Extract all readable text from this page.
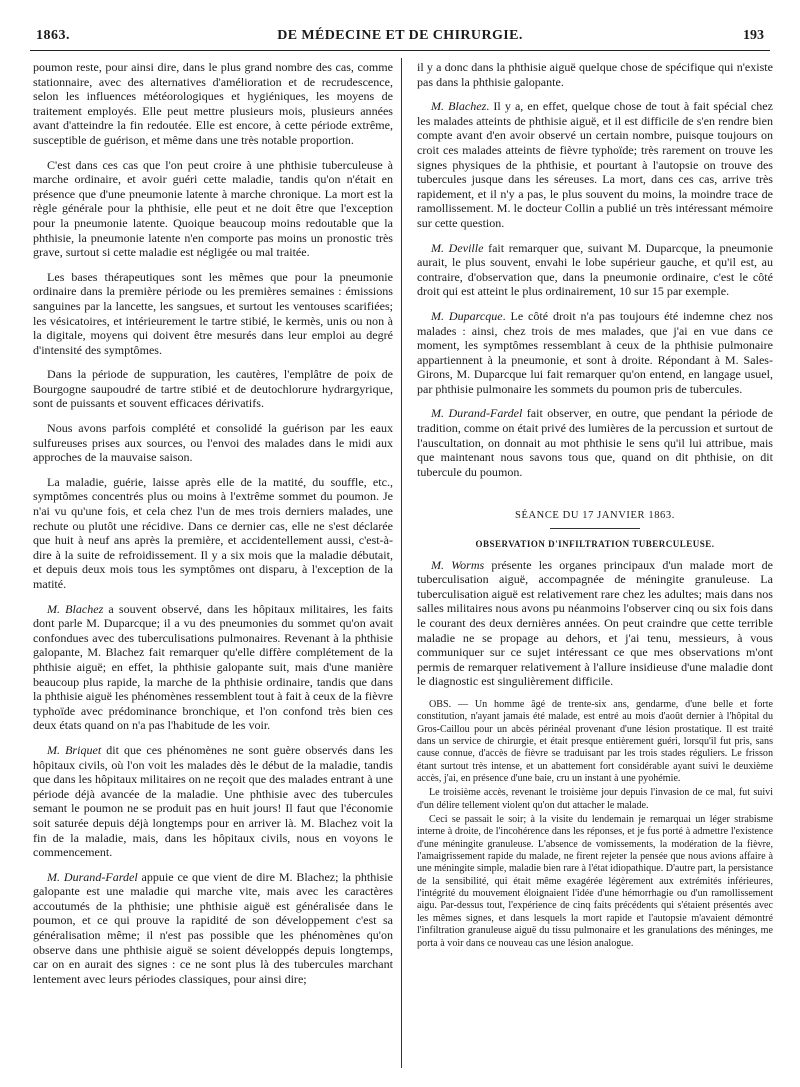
1863.	DE MÉDECINE ET DE CHIRURGIE.	193

poumon reste, pour ainsi dire, dans le plus grand nombre des cas, comme stationnaire, avec des alternatives d'amélioration et de recrudescence, selon les influences météorologiques et hygiéniques, les moyens de traitement employés. Elle peut mettre plusieurs mois, plusieurs années avant d'atteindre la fin redoutée. Elle est encore, à cette période extrême, susceptible de guérison, et même dans une très notable proportion.

C'est dans ces cas que l'on peut croire à une phthisie tuberculeuse à marche ordinaire, et avoir guéri cette maladie, tandis qu'on n'était en présence que d'une pneumonie latente à marche chronique. La mort est la règle générale pour la phthisie, elle peut et ne doit être que l'exception pour la pneumonie latente. Quoique beaucoup moins redoutable que la phthisie, la pneumonie latente n'en comporte pas moins un pronostic très grave, surtout si cette maladie est négligée ou mal traitée.

Les bases thérapeutiques sont les mêmes que pour la pneumonie ordinaire dans la première période ou les premières semaines : émissions sanguines par la lancette, les sangsues, et surtout les ventouses scarifiées; les vésicatoires, et intérieurement le tartre stibié, le kermès, unis ou non à la digitale, moyens qui doivent être mesurés dans leur emploi au degré d'intensité des symptômes.

Dans la période de suppuration, les cautères, l'emplâtre de poix de Bourgogne saupoudré de tartre stibié et de deutochlorure hydrargyrique, sont de puissants et souvent efficaces dérivatifs.

Nous avons parfois complété et consolidé la guérison par les eaux sulfureuses prises aux sources, ou l'envoi des malades dans le midi aux approches de la mauvaise saison.

La maladie, guérie, laisse après elle de la matité, du souffle, etc., symptômes concentrés plus ou moins à l'extrême sommet du poumon. Je n'ai vu qu'une fois, et cela chez l'un de mes trois derniers malades, une rechute ou plutôt une récidive. Dans ce dernier cas, elle ne s'est déclarée que huit à neuf ans après la première, et accidentellement aussi, c'est-à-dire à la suite de refroidissement. Il y a six mois que la maladie débutait, et depuis deux mois tous les symptômes ont disparu, à l'exception de la matité.

M. Blachez a souvent observé, dans les hôpitaux militaires, les faits dont parle M. Duparcque; il a vu des pneumonies du sommet qu'on avait confondues avec des tuberculisations pulmonaires. Revenant à la phthisie galopante, M. Blachez fait remarquer qu'elle diffère complétement de la phthisie aiguë; en effet, la phthisie galopante suit, mais d'une manière beaucoup plus rapide, la marche de la phthisie ordinaire, tandis que dans la phthisie aiguë les phénomènes ressemblent tout à fait à ceux de la fièvre typhoïde avec prédominance bronchique, et l'on confond très bien ces deux états quand on n'a pas l'habitude de les voir.

M. Briquet dit que ces phénomènes ne sont guère observés dans les hôpitaux civils, où l'on voit les malades dès le début de la maladie, tandis que dans les hôpitaux militaires on ne reçoit que des malades entrant à une période déjà avancée de la maladie. Une phthisie avec des tubercules semant le poumon ne se produit pas en huit jours! Il faut que l'économie soit saturée depuis déjà longtemps pour en arriver là. M. Blachez voit la fin de la maladie, mais, dans les hôpitaux civils, nous en voyons le commencement.

M. Durand-Fardel appuie ce que vient de dire M. Blachez; la phthisie galopante est une maladie qui marche vite, mais avec les caractères accoutumés de la phthisie; une phthisie aiguë est généralisée dans le poumon, et ce qui prouve la rapidité de son développement c'est sa généralisation même; il n'est pas possible que les phénomènes qu'on observe dans une phthisie aiguë se soient développés depuis longtemps, car on en aurait des signes : ce ne sont plus là des tubercules marchant lentement avec leurs périodes classiques, pour ainsi dire;

il y a donc dans la phthisie aiguë quelque chose de spécifique qui n'existe pas dans la phthisie galopante.

M. Blachez. Il y a, en effet, quelque chose de tout à fait spécial chez les malades atteints de phthisie aiguë, et il est difficile de s'en rendre bien compte avant d'en avoir observé un certain nombre, puisque toujours on croit ces malades atteints de fièvre typhoïde; très rarement on trouve les signes physiques de la phthisie, et pourtant à l'autopsie on trouve des tubercules jusque dans les séreuses. La mort, dans ces cas, arrive très rapidement, et il n'y a pas, le plus souvent du moins, la moindre trace de ramollissement. M. le docteur Collin a publié un très intéressant mémoire sur cette question.

M. Deville fait remarquer que, suivant M. Duparcque, la pneumonie aurait, le plus souvent, envahi le lobe supérieur gauche, et qu'il est, au contraire, d'observation que, dans la pneumonie ordinaire, c'est le côté droit qui est atteint le plus ordinairement, 10 sur 15 par exemple.

M. Duparcque. Le côté droit n'a pas toujours été indemne chez nos malades : ainsi, chez trois de mes malades, que j'ai en vue dans ce moment, les symptômes ressemblant à ceux de la phthisie pulmonaire appartiennent à la pneumonie, et sont à droite. Répondant à M. Sales-Girons, M. Duparcque lui fait remarquer qu'on entend, en langage usuel, par phthisie pulmonaire les sommets du poumon pris de tubercules.

M. Durand-Fardel fait observer, en outre, que pendant la période de tradition, comme on était privé des lumières de la percussion et surtout de l'auscultation, on donnait au mot phthisie le sens qu'il lui attribue, mais que maintenant nous savons tous que, quand on dit phthisie, on dit tubercule du poumon.

SÉANCE DU 17 JANVIER 1863.
OBSERVATION D'INFILTRATION TUBERCULEUSE.

M. Worms présente les organes principaux d'un malade mort de tuberculisation aiguë, accompagnée de méningite granuleuse. La tuberculisation aiguë est relativement rare chez les adultes; mais dans nos salles militaires nous avons pu néanmoins l'observer cinq ou six fois dans le courant des deux dernières années. On peut craindre que cette terrible maladie ne se propage au dehors, et j'ai tenu, messieurs, à vous communiquer sur ce sujet intéressant ce que mes observations m'ont permis de remarquer relativement à l'allure insidieuse d'une maladie dont le diagnostic est singulièrement difficile.

OBS. — Un homme âgé de trente-six ans, gendarme, d'une belle et forte constitution, n'ayant jamais été malade, est entré au mois d'août dernier à l'hôpital du Gros-Caillou pour un abcès périnéal provenant d'une lésion prostatique. Il est traité dans un service de chirurgie, et était presque entièrement guéri, lorsqu'il fut pris, sans cause connue, d'accès de fièvre se traduisant par les trois stades réguliers. Le frisson étant surtout très intense, et un abattement fort considérable ayant suivi le deuxième accès, j'ai, en présence d'une baie, cru un instant à une pyohémie.

Le troisième accès, revenant le troisième jour depuis l'invasion de ce mal, fut suivi d'un délire tellement violent qu'on dut attacher le malade.

Ceci se passait le soir; à la visite du lendemain je remarquai un léger strabisme interne à droite, de l'incohérence dans les réponses, et je fus porté à admettre l'existence d'une méningite granuleuse. L'absence de vomissements, la modération de la fièvre, l'amaigrissement rapide du malade, ne firent rejeter la pensée que nous avions affaire à une méningite simple, maladie bien rare à l'état idiopathique. D'autre part, la persistance de la sensibilité, qui était même exagérée légèrement aux extrémités inférieures, l'intégrité du mouvement éloignaient l'idée d'une hémorrhagie ou d'un ramollissement aigu. Par-dessus tout, l'expérience de cinq faits précédents qui s'étaient présentés avec les mêmes signes, et dans lesquels la mort rapide et l'autopsie m'avaient démontré l'infiltration granuleuse aiguë du tissu pulmonaire et les granulations des méninges, me porta à voir dans ce nouveau cas une lésion analogue.
